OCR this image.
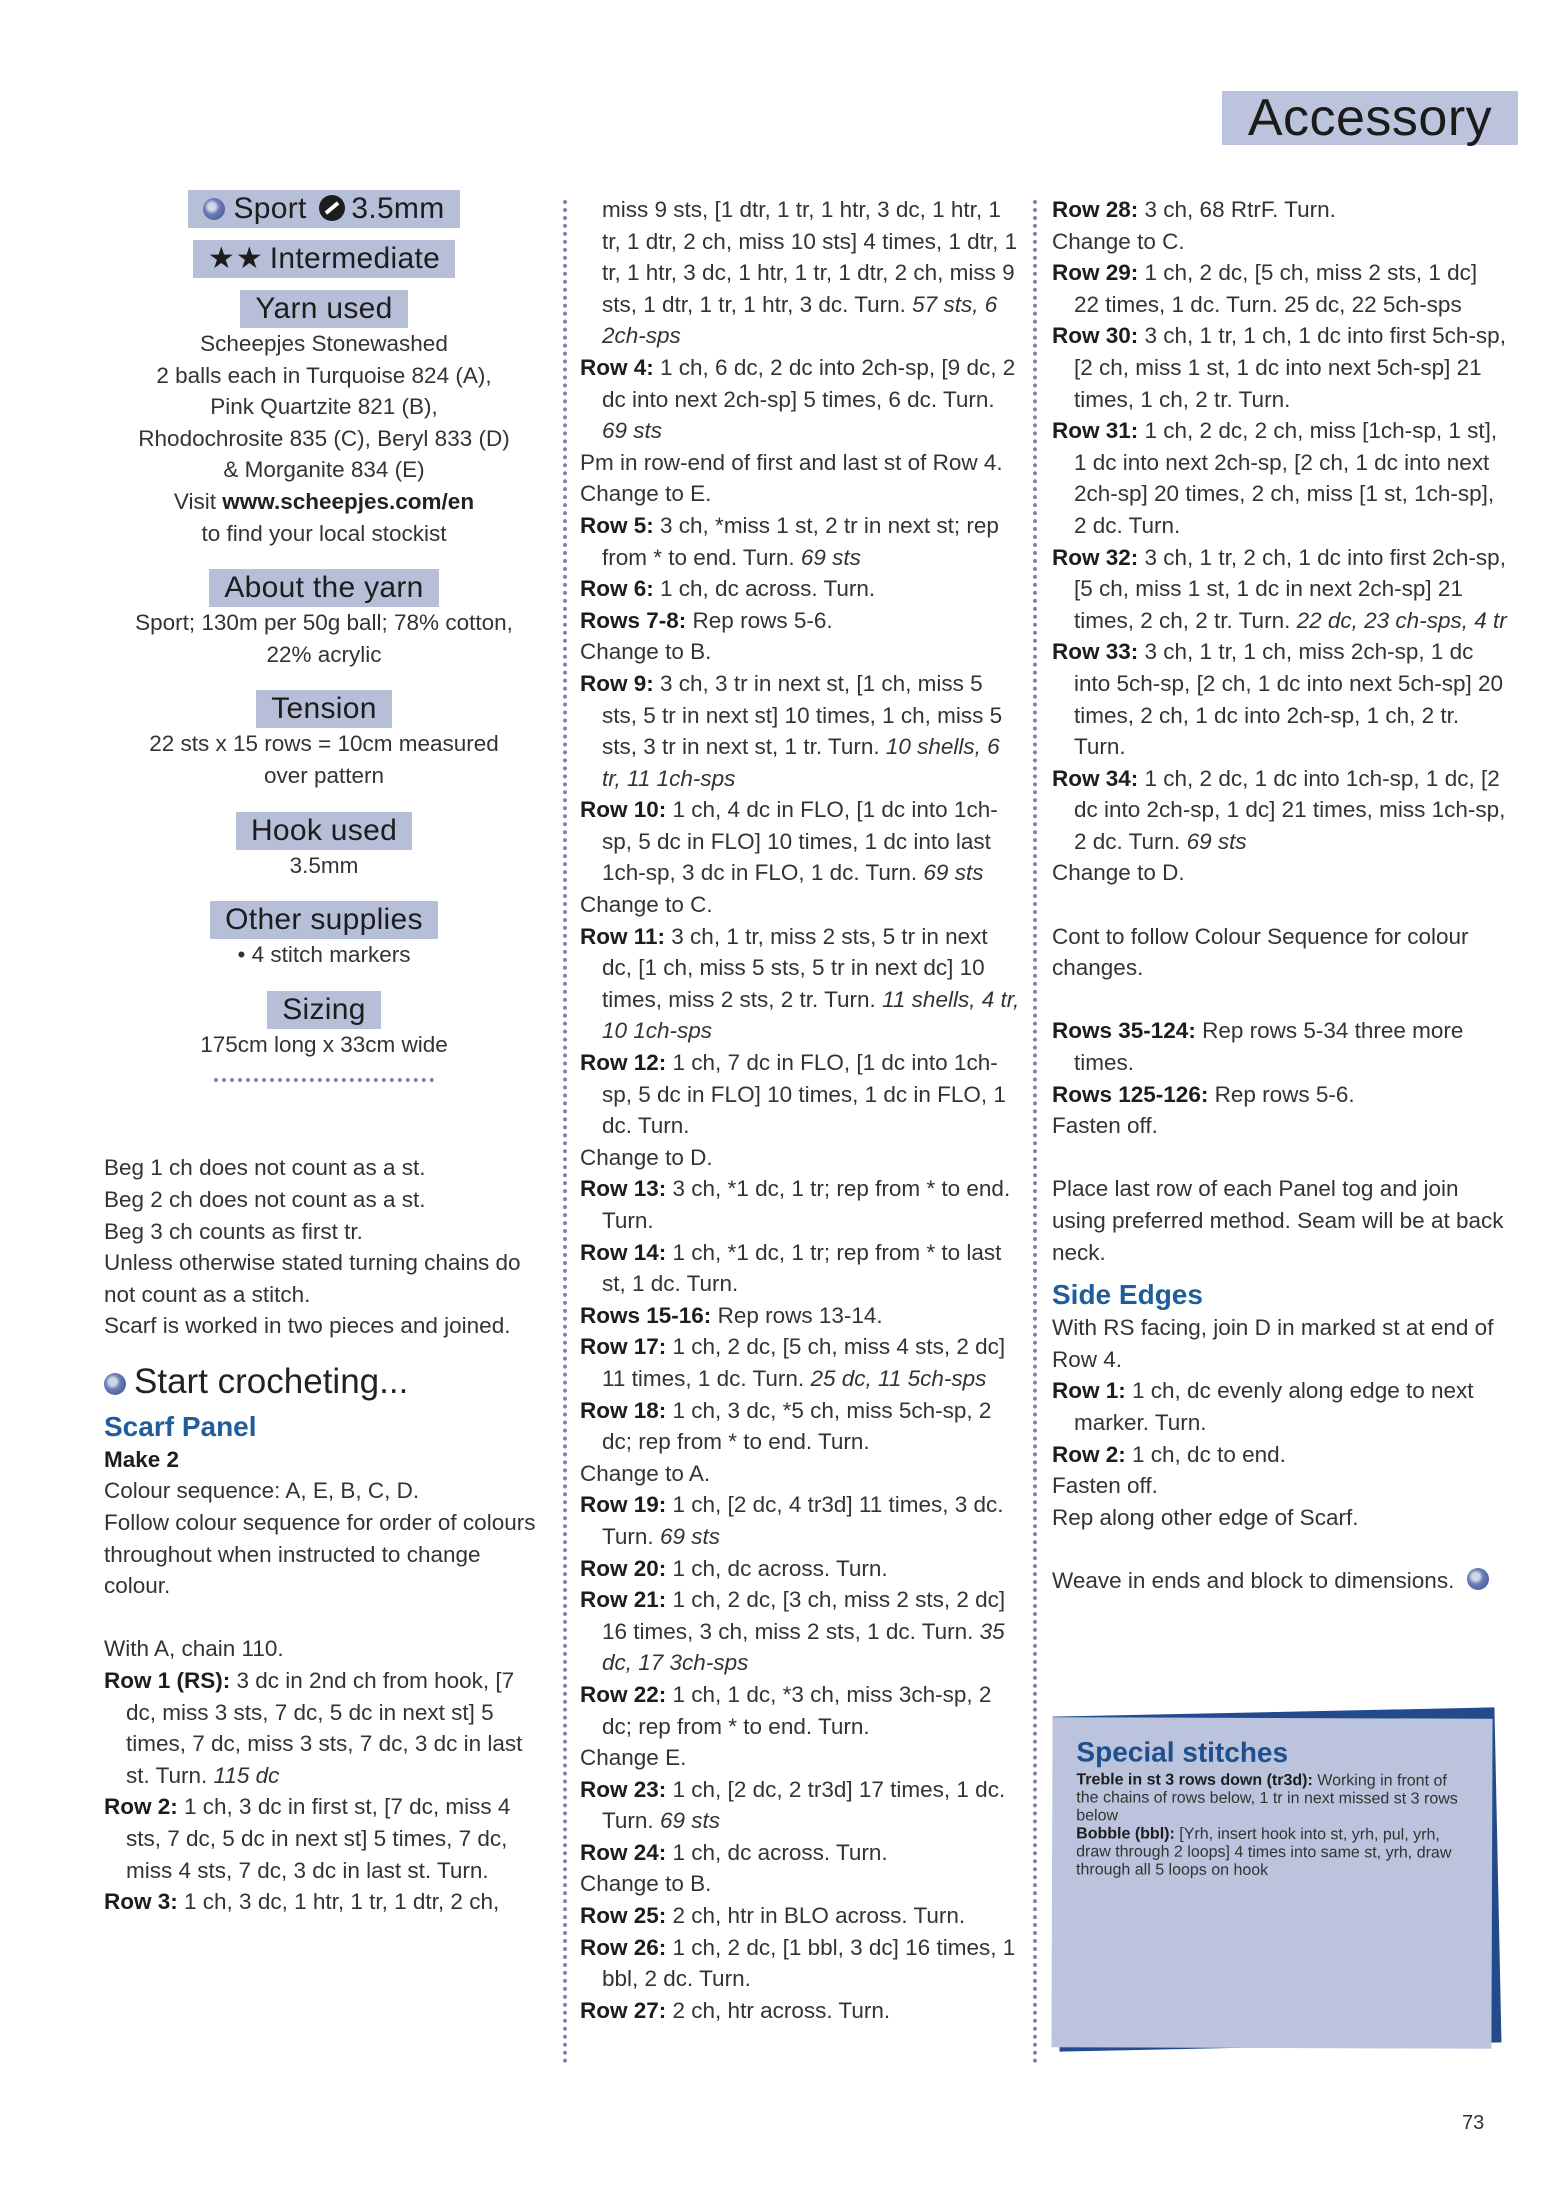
Accessory
Sport 3.5mm
★★ Intermediate
Yarn used
Scheepjes Stonewashed
2 balls each in Turquoise 824 (A),
Pink Quartzite 821 (B),
Rhodochrosite 835 (C), Beryl 833 (D)
& Morganite 834 (E)
Visit www.scheepjes.com/en
to find your local stockist
About the yarn
Sport; 130m per 50g ball; 78% cotton,
22% acrylic
Tension
22 sts x 15 rows = 10cm measured
over pattern
Hook used
3.5mm
Other supplies
• 4 stitch markers
Sizing
175cm long x 33cm wide

Beg 1 ch does not count as a st.

Beg 2 ch does not count as a st.

Beg 3 ch counts as first tr.

Unless otherwise stated turning chains do not count as a stitch.

Scarf is worked in two pieces and joined.

Start crocheting...

Scarf Panel

Make 2

Colour sequence: A, E, B, C, D.

Follow colour sequence for order of colours throughout when instructed to change colour.

With A, chain 110.

Row 1 (RS): 3 dc in 2nd ch from hook, [7 dc, miss 3 sts, 7 dc, 5 dc in next st] 5 times, 7 dc, miss 3 sts, 7 dc, 3 dc in last st. Turn. 115 dc

Row 2: 1 ch, 3 dc in first st, [7 dc, miss 4 sts, 7 dc, 5 dc in next st] 5 times, 7 dc, miss 4 sts, 7 dc, 3 dc in last st. Turn.

Row 3: 1 ch, 3 dc, 1 htr, 1 tr, 1 dtr, 2 ch,

miss 9 sts, [1 dtr, 1 tr, 1 htr, 3 dc, 1 htr, 1 tr, 1 dtr, 2 ch, miss 10 sts] 4 times, 1 dtr, 1 tr, 1 htr, 3 dc, 1 htr, 1 tr, 1 dtr, 2 ch, miss 9 sts, 1 dtr, 1 tr, 1 htr, 3 dc. Turn. 57 sts, 6 2ch-sps

Row 4: 1 ch, 6 dc, 2 dc into 2ch-sp, [9 dc, 2 dc into next 2ch-sp] 5 times, 6 dc. Turn. 69 sts

Pm in row-end of first and last st of Row 4.

Change to E.

Row 5: 3 ch, *miss 1 st, 2 tr in next st; rep from * to end. Turn. 69 sts

Row 6: 1 ch, dc across. Turn.

Rows 7-8: Rep rows 5-6.

Change to B.

Row 9: 3 ch, 3 tr in next st, [1 ch, miss 5 sts, 5 tr in next st] 10 times, 1 ch, miss 5 sts, 3 tr in next st, 1 tr. Turn. 10 shells, 6 tr, 11 1ch-sps

Row 10: 1 ch, 4 dc in FLO, [1 dc into 1ch-sp, 5 dc in FLO] 10 times, 1 dc into last 1ch-sp, 3 dc in FLO, 1 dc. Turn. 69 sts

Change to C.

Row 11: 3 ch, 1 tr, miss 2 sts, 5 tr in next dc, [1 ch, miss 5 sts, 5 tr in next dc] 10 times, miss 2 sts, 2 tr. Turn. 11 shells, 4 tr, 10 1ch-sps

Row 12: 1 ch, 7 dc in FLO, [1 dc into 1ch-sp, 5 dc in FLO] 10 times, 1 dc in FLO, 1 dc. Turn.

Change to D.

Row 13: 3 ch, *1 dc, 1 tr; rep from * to end. Turn.

Row 14: 1 ch, *1 dc, 1 tr; rep from * to last st, 1 dc. Turn.

Rows 15-16: Rep rows 13-14.

Row 17: 1 ch, 2 dc, [5 ch, miss 4 sts, 2 dc] 11 times, 1 dc. Turn. 25 dc, 11 5ch-sps

Row 18: 1 ch, 3 dc, *5 ch, miss 5ch-sp, 2 dc; rep from * to end. Turn.

Change to A.

Row 19: 1 ch, [2 dc, 4 tr3d] 11 times, 3 dc. Turn. 69 sts

Row 20: 1 ch, dc across. Turn.

Row 21: 1 ch, 2 dc, [3 ch, miss 2 sts, 2 dc] 16 times, 3 ch, miss 2 sts, 1 dc. Turn. 35 dc, 17 3ch-sps

Row 22: 1 ch, 1 dc, *3 ch, miss 3ch-sp, 2 dc; rep from * to end. Turn.

Change E.

Row 23: 1 ch, [2 dc, 2 tr3d] 17 times, 1 dc. Turn. 69 sts

Row 24: 1 ch, dc across. Turn.

Change to B.

Row 25: 2 ch, htr in BLO across. Turn.

Row 26: 1 ch, 2 dc, [1 bbl, 3 dc] 16 times, 1 bbl, 2 dc. Turn.

Row 27: 2 ch, htr across. Turn.

Row 28: 3 ch, 68 RtrF. Turn.

Change to C.

Row 29: 1 ch, 2 dc, [5 ch, miss 2 sts, 1 dc] 22 times, 1 dc. Turn. 25 dc, 22 5ch-sps

Row 30: 3 ch, 1 tr, 1 ch, 1 dc into first 5ch-sp, [2 ch, miss 1 st, 1 dc into next 5ch-sp] 21 times, 1 ch, 2 tr. Turn.

Row 31: 1 ch, 2 dc, 2 ch, miss [1ch-sp, 1 st], 1 dc into next 2ch-sp, [2 ch, 1 dc into next 2ch-sp] 20 times, 2 ch, miss [1 st, 1ch-sp], 2 dc. Turn.

Row 32: 3 ch, 1 tr, 2 ch, 1 dc into first 2ch-sp, [5 ch, miss 1 st, 1 dc in next 2ch-sp] 21 times, 2 ch, 2 tr. Turn. 22 dc, 23 ch-sps, 4 tr

Row 33: 3 ch, 1 tr, 1 ch, miss 2ch-sp, 1 dc into 5ch-sp, [2 ch, 1 dc into next 5ch-sp] 20 times, 2 ch, 1 dc into 2ch-sp, 1 ch, 2 tr. Turn.

Row 34: 1 ch, 2 dc, 1 dc into 1ch-sp, 1 dc, [2 dc into 2ch-sp, 1 dc] 21 times, miss 1ch-sp, 2 dc. Turn. 69 sts

Change to D.

Cont to follow Colour Sequence for colour changes.

Rows 35-124: Rep rows 5-34 three more times.

Rows 125-126: Rep rows 5-6.

Fasten off.

Place last row of each Panel tog and join using preferred method. Seam will be at back neck.

Side Edges

With RS facing, join D in marked st at end of Row 4.

Row 1: 1 ch, dc evenly along edge to next marker. Turn.

Row 2: 1 ch, dc to end.

Fasten off.

Rep along other edge of Scarf.

Weave in ends and block to dimensions.

Special stitches

Treble in st 3 rows down (tr3d): Working in front of the chains of rows below, 1 tr in next missed st 3 rows below

Bobble (bbl): [Yrh, insert hook into st, yrh, pul, yrh, draw through 2 loops] 4 times into same st, yrh, draw through all 5 loops on hook

73
